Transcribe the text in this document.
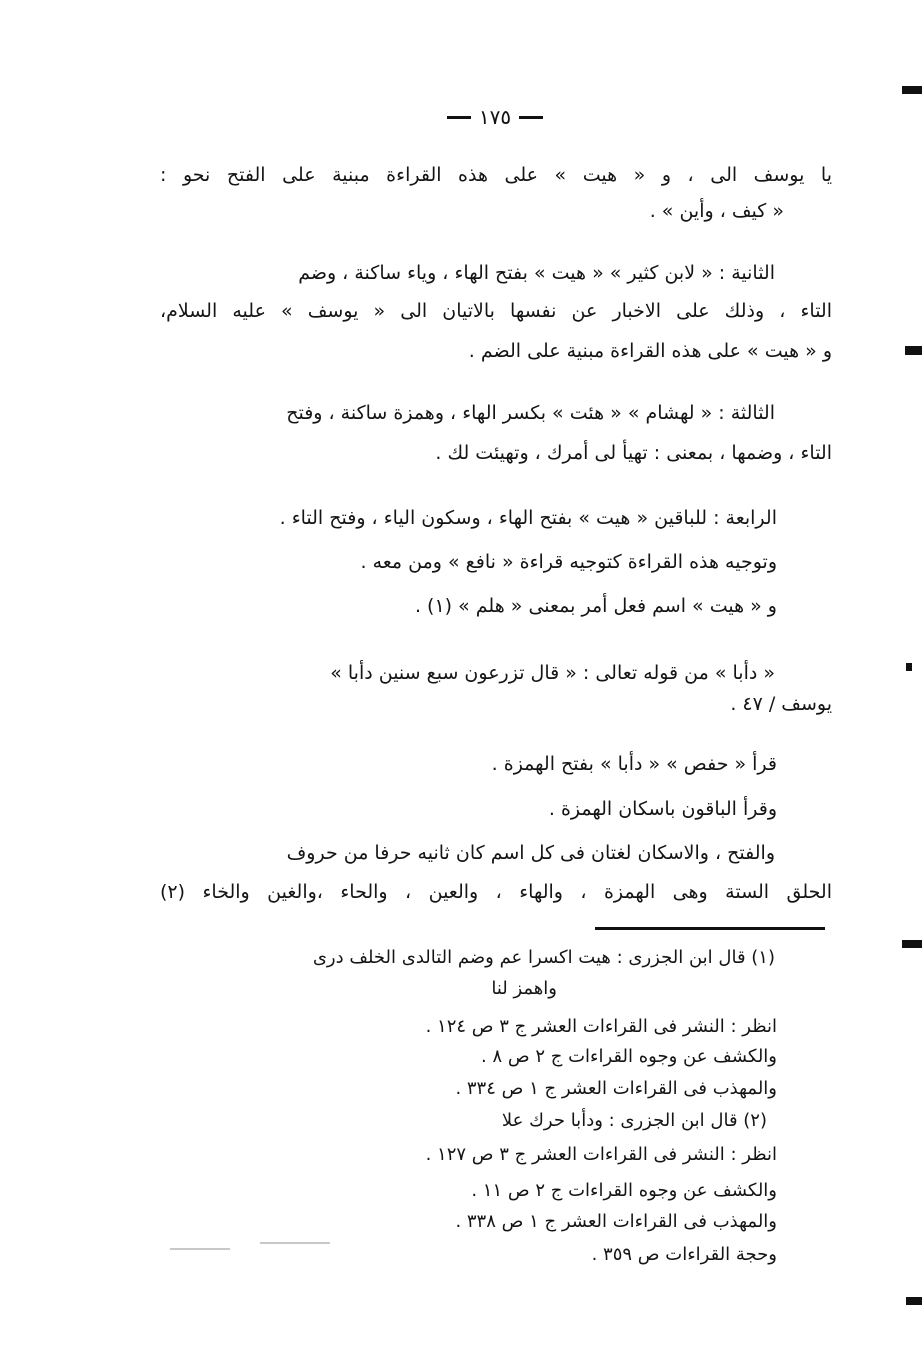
١٧٥
يا يوسف الى ، و « هيت » على هذه القراءة مبنية على الفتح نحو :
« كيف ، وأين » .
الثانية : « لابن كثير » « هيت » بفتح الهاء ، وياء ساكنة ، وضم
التاء ، وذلك على الاخبار عن نفسها بالاتيان الى « يوسف » عليه السلام،
و « هيت » على هذه القراءة مبنية على الضم .
الثالثة : « لهشام » « هئت » بكسر الهاء ، وهمزة ساكنة ، وفتح
التاء ، وضمها ، بمعنى : تهيأ لى أمرك ، وتهيئت لك .
الرابعة : للباقين « هيت » بفتح الهاء ، وسكون الياء ، وفتح التاء .
وتوجيه هذه القراءة كتوجيه قراءة « نافع » ومن معه .
و « هيت » اسم فعل أمر بمعنى « هلم » (١) .
« دأبا » من قوله تعالى : « قال تزرعون سبع سنين دأبا »
يوسف / ٤٧ .
قرأ « حفص » « دأبا » بفتح الهمزة .
وقرأ الباقون باسكان الهمزة .
والفتح ، والاسكان لغتان فى كل اسم كان ثانيه حرفا من حروف
الحلق الستة وهى الهمزة ، والهاء ، والعين ، والحاء ،والغين والخاء (٢)
(١) قال ابن الجزرى : هيت اكسرا عم وضم التالدى الخلف درى
واهمز لنا
انظر : النشر فى القراءات العشر ج ٣ ص ١٢٤ .
والكشف عن وجوه القراءات ج ٢ ص ٨ .
والمهذب فى القراءات العشر ج ١ ص ٣٣٤ .
(٢) قال ابن الجزرى : ودأبا حرك علا
انظر : النشر فى القراءات العشر ج ٣ ص ١٢٧ .
والكشف عن وجوه القراءات ج ٢ ص ١١ .
والمهذب فى القراءات العشر ج ١ ص ٣٣٨ .
وحجة القراءات ص ٣٥٩ .
